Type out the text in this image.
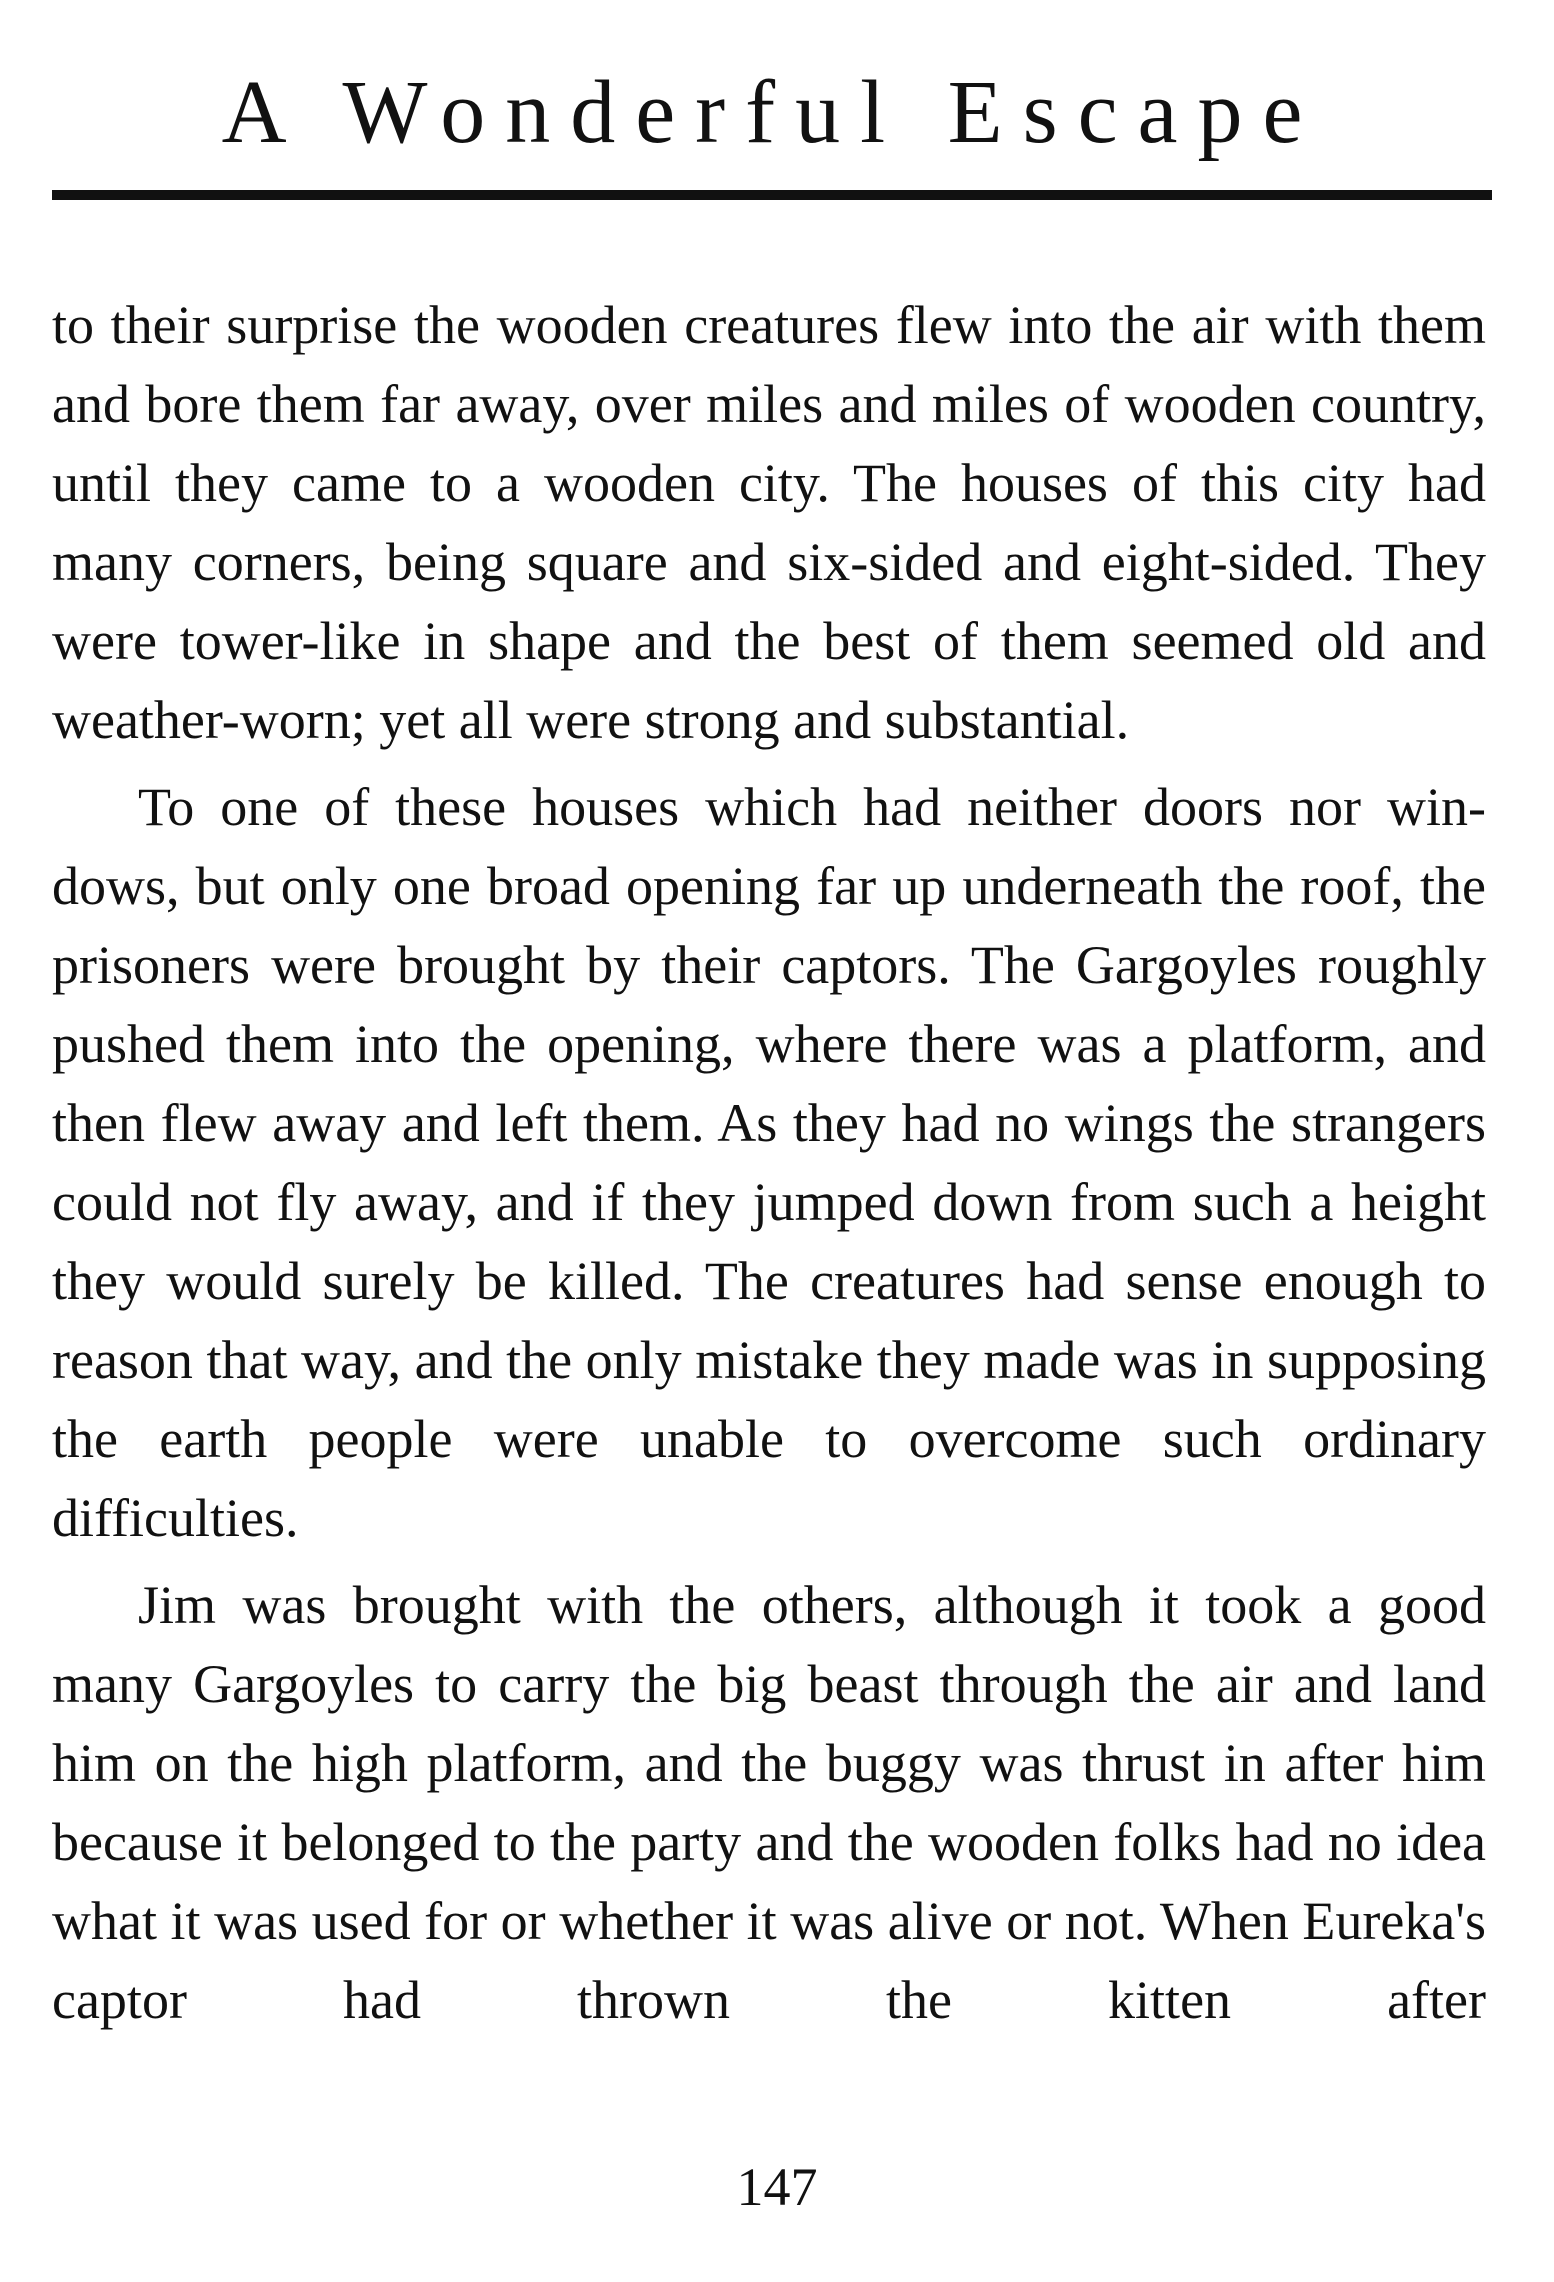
A Wonderful Escape
to their surprise the wooden creatures flew into the air with them and bore them far away, over miles and miles of wooden country, until they came to a wooden city. The houses of this city had many corners, being square and six-sided and eight-sided. They were tower-like in shape and the best of them seemed old and weather-worn; yet all were strong and substantial.
To one of these houses which had neither doors nor win- dows, but only one broad opening far up underneath the roof, the prisoners were brought by their captors. The Gargoyles roughly pushed them into the opening, where there was a platform, and then flew away and left them. As they had no wings the strangers could not fly away, and if they jumped down from such a height they would surely be killed. The creatures had sense enough to reason that way, and the only mistake they made was in supposing the earth people were unable to overcome such ordinary difficulties.
Jim was brought with the others, although it took a good many Gargoyles to carry the big beast through the air and land him on the high platform, and the buggy was thrust in after him because it belonged to the party and the wooden folks had no idea what it was used for or whether it was alive or not. When Eureka's captor had thrown the kitten after
147
